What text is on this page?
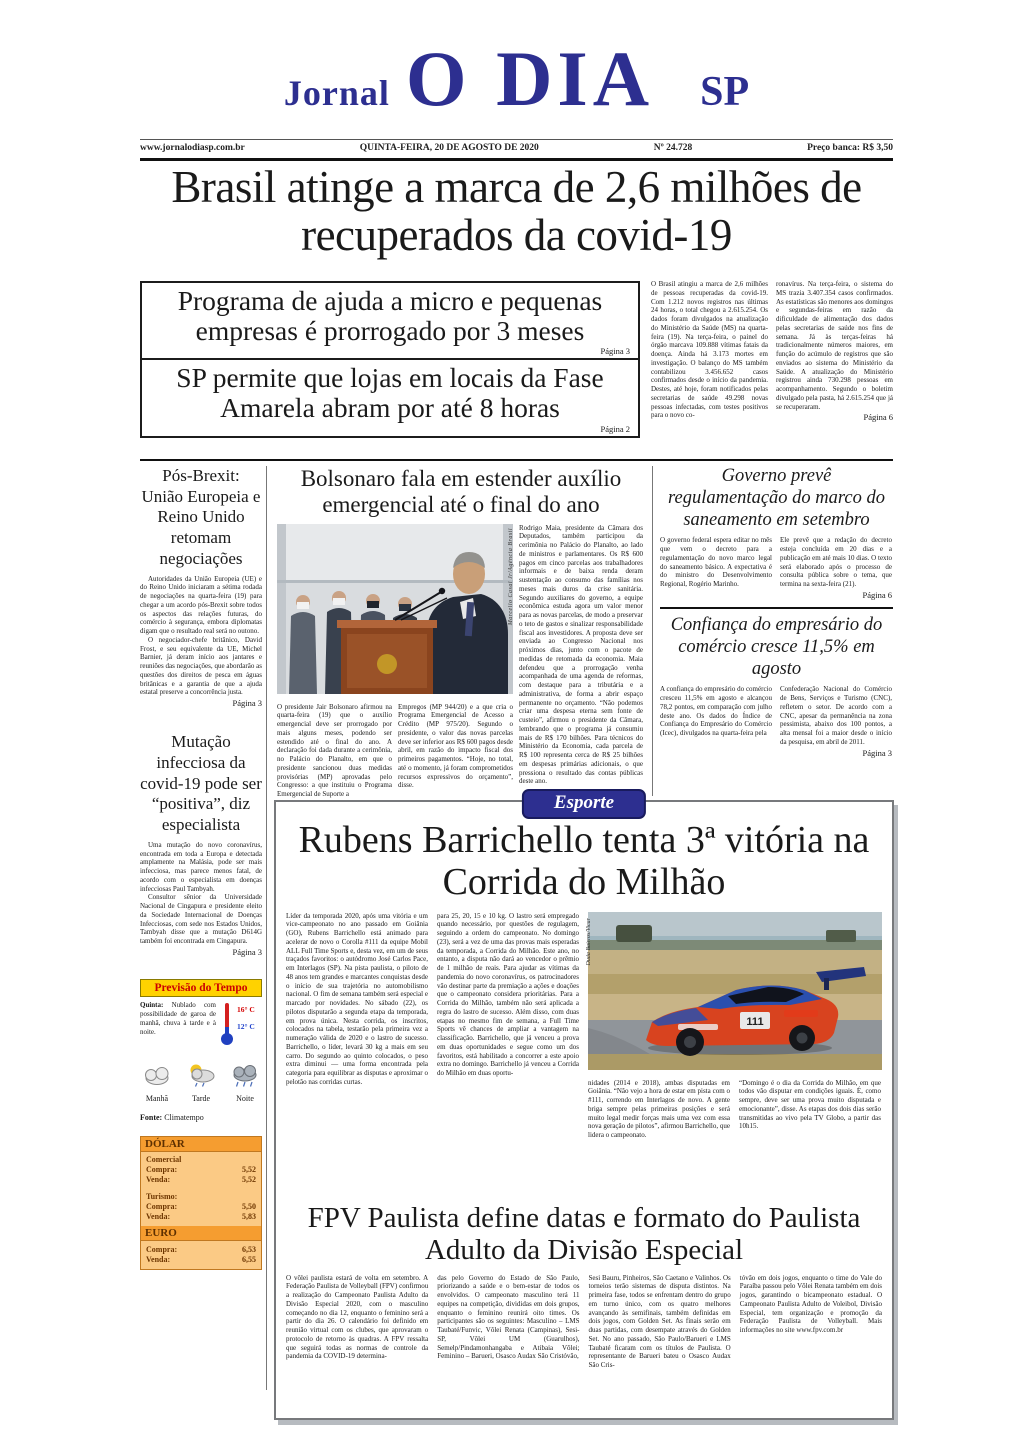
Jornal O DIA SP
www.jornalodiasp.com.br	QUINTA-FEIRA, 20 DE AGOSTO DE 2020	Nº 24.728	Preço banca: R$ 3,50
Brasil atinge a marca de 2,6 milhões de recuperados da covid-19
Programa de ajuda a micro e pequenas empresas é prorrogado por 3 meses
Página 3
SP permite que lojas em locais da Fase Amarela abram por até 8 horas
Página 2
O Brasil atingiu a marca de 2,6 milhões de pessoas recuperadas da covid-19. Com 1.212 novos registros nas últimas 24 horas, o total chegou a 2.615.254. Os dados foram divulgados na atualização do Ministério da Saúde (MS) na quarta-feira (19). Na terça-feira, o painel do órgão marcava 109.888 vítimas fatais da doença. Ainda há 3.173 mortes em investigação. O balanço do MS também contabilizou 3.456.652 casos confirmados desde o início da pandemia. Destes, até hoje, foram notificados pelas secretarias de saúde 49.298 novas pessoas infectadas, com testes positivos para o novo co-
ronavírus. Na terça-feira, o sistema do MS trazia 3.407.354 casos confirmados. As estatísticas são menores aos domingos e segundas-feiras em razão da dificuldade de alimentação dos dados pelas secretarias de saúde nos fins de semana. Já às terças-feiras há tradicionalmente números maiores, em função do acúmulo de registros que são enviados ao sistema do Ministério da Saúde. A atualização do Ministério registrou ainda 730.298 pessoas em acompanhamento. Segundo o boletim divulgado pela pasta, há 2.615.254 que já se recuperaram.
Página 6
Pós-Brexit: União Europeia e Reino Unido retomam negociações

Autoridades da União Europeia (UE) e do Reino Unido iniciaram a sétima rodada de negociações na quarta-feira (19) para chegar a um acordo pós-Brexit sobre todos os aspectos das relações futuras, do comércio à segurança, embora diplomatas digam que o resultado real será no outono.

O negociador-chefe britânico, David Frost, e seu equivalente da UE, Michel Barnier, já deram início aos jantares e reuniões das negociações, que abordarão as questões dos direitos de pesca em águas britânicas e a garantia de que a ajuda estatal preserve a concorrência justa.

Página 3
Mutação infecciosa da covid-19 pode ser “positiva”, diz especialista

Uma mutação do novo coronavírus, encontrada em toda a Europa e detectada amplamente na Malásia, pode ser mais infecciosa, mas parece menos fatal, de acordo com o especialista em doenças infecciosas Paul Tambyah.

Consultor sênior da Universidade Nacional de Cingapura e presidente eleito da Sociedade Internacional de Doenças Infecciosas, com sede nos Estados Unidos, Tambyah disse que a mutação D614G também foi encontrada em Cingapura.

Página 3
Previsão do Tempo
Quinta: Nublado com possibilidade de garoa de manhã, chuva à tarde e à noite.
16° C
12° C
Manhã	Tarde	Noite
Fonte: Climatempo
DÓLAR
Comercial
Compra:	5,52
Venda:	5,52
Turismo:
Compra:	5,50
Venda:	5,83
EURO
Compra:	6,53
Venda:	6,55
Bolsonaro fala em estender auxílio emergencial até o final do ano
Marcello Casal Jr/Agência Brasil
O presidente Jair Bolsonaro afirmou na quarta-feira (19) que o auxílio emergencial deve ser prorrogado por mais alguns meses, podendo ser estendido até o final do ano. A declaração foi dada durante a cerimônia, no Palácio do Planalto, em que o presidente sancionou duas medidas provisórias (MP) aprovadas pelo Congresso: a que instituiu o Programa Emergencial de Suporte a
Empregos (MP 944/20) e a que cria o Programa Emergencial de Acesso a Crédito (MP 975/20). Segundo o presidente, o valor das novas parcelas deve ser inferior aos R$ 600 pagos desde abril, em razão do impacto fiscal dos primeiros pagamentos. “Hoje, no total, até o momento, já foram comprometidos recursos expressivos do orçamento”, disse.
Rodrigo Maia, presidente da Câmara dos Deputados, também participou da cerimônia no Palácio do Planalto, ao lado de ministros e parlamentares. Os R$ 600 pagos em cinco parcelas aos trabalhadores informais e de baixa renda deram sustentação ao consumo das famílias nos meses mais duros da crise sanitária. Segundo auxiliares do governo, a equipe econômica estuda agora um valor menor para as novas parcelas, de modo a preservar o teto de gastos e sinalizar responsabilidade fiscal aos investidores. A proposta deve ser enviada ao Congresso Nacional nos próximos dias, junto com o pacote de medidas de retomada da economia. Maia defendeu que a prorrogação venha acompanhada de uma agenda de reformas, com destaque para a tributária e a administrativa, de forma a abrir espaço permanente no orçamento. “Não podemos criar uma despesa eterna sem fonte de custeio”, afirmou o presidente da Câmara, lembrando que o programa já consumiu mais de R$ 170 bilhões. Para técnicos do Ministério da Economia, cada parcela de R$ 100 representa cerca de R$ 25 bilhões em despesas primárias adicionais, o que pressiona o resultado das contas públicas deste ano.
Governo prevê regulamentação do marco do saneamento em setembro
O governo federal espera editar no mês que vem o decreto para a regulamentação do novo marco legal do saneamento básico. A expectativa é do ministro do Desenvolvimento Regional, Rogério Marinho.
Ele prevê que a redação do decreto esteja concluída em 20 dias e a publicação em até mais 10 dias. O texto será elaborado após o processo de consulta pública sobre o tema, que termina na sexta-feira (21).
Página 6
Confiança do empresário do comércio cresce 11,5% em agosto
A confiança do empresário do comércio cresceu 11,5% em agosto e alcançou 78,2 pontos, em comparação com julho deste ano. Os dados do Índice de Confiança do Empresário do Comércio (Icec), divulgados na quarta-feira pela
Confederação Nacional do Comércio de Bens, Serviços e Turismo (CNC), refletem o setor. De acordo com a CNC, apesar da permanência na zona pessimista, abaixo dos 100 pontos, a alta mensal foi a maior desde o início da pesquisa, em abril de 2011.
Página 3
Esporte
Rubens Barrichello tenta 3ª vitória na Corrida do Milhão
Líder da temporada 2020, após uma vitória e um vice-campeonato no ano passado em Goiânia (GO), Rubens Barrichello está animado para acelerar de novo o Corolla #111 da equipe Mobil ALL Full Time Sports e, desta vez, em um de seus traçados favoritos: o autódromo José Carlos Pace, em Interlagos (SP). Na pista paulista, o piloto de 48 anos tem grandes e marcantes conquistas desde o início de sua trajetória no automobilismo nacional. O fim de semana também será especial e marcado por novidades. No sábado (22), os pilotos disputarão a segunda etapa da temporada, em prova única. Nesta corrida, os inscritos, colocados na tabela, testarão pela primeira vez a numeração válida de 2020 e o lastro de sucesso. Barrichello, o líder, levará 30 kg a mais em seu carro. Do segundo ao quinto colocados, o peso extra diminui — uma forma encontrada pela categoria para equilibrar as disputas e aproximar o pelotão nas corridas curtas.
para 25, 20, 15 e 10 kg. O lastro será empregado quando necessário, por questões de regulagem, seguindo a ordem do campeonato. No domingo (23), será a vez de uma das provas mais esperadas da temporada, a Corrida do Milhão. Este ano, no entanto, a disputa não dará ao vencedor o prêmio de 1 milhão de reais. Para ajudar as vítimas da pandemia do novo coronavírus, os patrocinadores vão destinar parte da premiação a ações e doações que o campeonato considera prioritárias. Para a Corrida do Milhão, também não será aplicada a regra do lastro de sucesso. Além disso, com duas etapas no mesmo fim de semana, a Full Time Sports vê chances de ampliar a vantagem na classificação. Barrichello, que já venceu a prova em duas oportunidades e segue como um dos favoritos, está habilitado a concorrer a este apoio extra no domingo. Barrichello já venceu a Corrida do Milhão em duas oportu-
111
Duda Bairros/Vicar
nidades (2014 e 2018), ambas disputadas em Goiânia. “Não vejo a hora de estar em pista com o #111, correndo em Interlagos de novo. A gente briga sempre pelas primeiras posições e será muito legal medir forças mais uma vez com essa nova geração de pilotos”, afirmou Barrichello, que lidera o campeonato.
“Domingo é o dia da Corrida do Milhão, em que todos vão disputar em condições iguais. É, como sempre, deve ser uma prova muito disputada e emocionante”, disse. As etapas dos dois dias serão transmitidas ao vivo pela TV Globo, a partir das 10h15.
FPV Paulista define datas e formato do Paulista Adulto da Divisão Especial
O vôlei paulista estará de volta em setembro. A Federação Paulista de Volleyball (FPV) confirmou a realização do Campeonato Paulista Adulto da Divisão Especial 2020, com o masculino começando no dia 12, enquanto o feminino será a partir do dia 26. O calendário foi definido em reunião virtual com os clubes, que aprovaram o protocolo de retorno às quadras. A FPV ressalta que seguirá todas as normas de controle da pandemia da COVID-19 determina-
das pelo Governo do Estado de São Paulo, priorizando a saúde e o bem-estar de todos os envolvidos. O campeonato masculino terá 11 equipes na competição, divididas em dois grupos, enquanto o feminino reunirá oito times. Os participantes são os seguintes: Masculino – LMS Taubaté/Funvic, Vôlei Renata (Campinas), Sesi-SP, Vôlei UM (Guarulhos), Semelp/Pindamonhangaba e Atibaia Vôlei; Feminino – Barueri, Osasco Audax São Cristóvão,
Sesi Bauru, Pinheiros, São Caetano e Valinhos. Os torneios terão sistemas de disputa distintos. Na primeira fase, todos se enfrentam dentro do grupo em turno único, com os quatro melhores avançando às semifinais, também definidas em dois jogos, com Golden Set. As finais serão em duas partidas, com desempate através do Golden Set. No ano passado, São Paulo/Barueri e LMS Taubaté ficaram com os títulos de Paulista. O representante de Barueri bateu o Osasco Audax São Cris-
tóvão em dois jogos, enquanto o time do Vale do Paraíba passou pelo Vôlei Renata também em dois jogos, garantindo o bicampeonato estadual. O Campeonato Paulista Adulto de Voleibol, Divisão Especial, tem organização e promoção da Federação Paulista de Volleyball. Mais informações no site www.fpv.com.br
